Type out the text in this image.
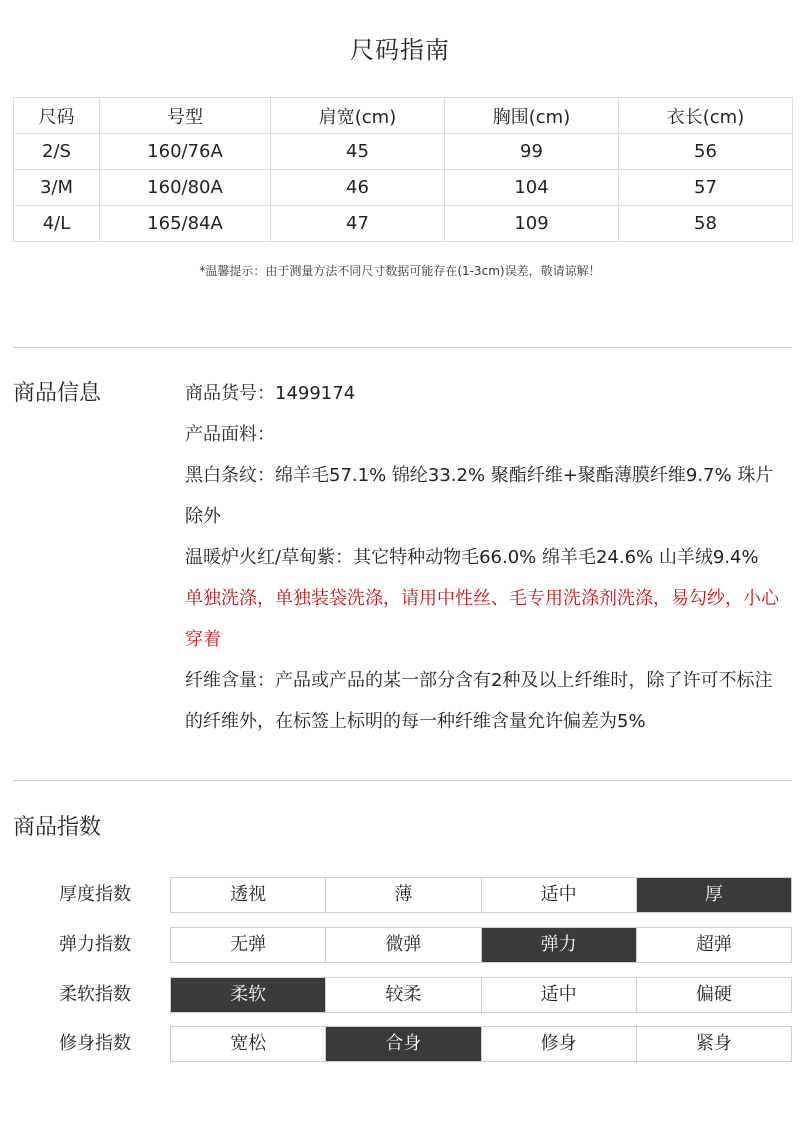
尺码指南
尺码	号型	肩宽(cm)	胸围(cm)	衣长(cm)
2/S	160/76A	45	99	56
3/M	160/80A	46	104	57
4/L	165/84A	47	109	58
*温馨提示：由于测量方法不同尺寸数据可能存在(1-3cm)误差，敬请谅解！
商品信息	商品货号：1499174

产品面料：

黑白条纹：绵羊毛57.1% 锦纶33.2% 聚酯纤维+聚酯薄膜纤维9.7% 珠片除外

温暖炉火红/草甸紫：其它特种动物毛66.0% 绵羊毛24.6% 山羊绒9.4%

单独洗涤，单独装袋洗涤，请用中性丝、毛专用洗涤剂洗涤，易勾纱，小心穿着

纤维含量：产品或产品的某一部分含有2种及以上纤维时，除了许可不标注的纤维外，在标签上标明的每一种纤维含量允许偏差为5%

商品指数
厚度指数	透视	薄	适中	厚
弹力指数	无弹	微弹	弹力	超弹
柔软指数	柔软	较柔	适中	偏硬
修身指数	宽松	合身	修身	紧身
